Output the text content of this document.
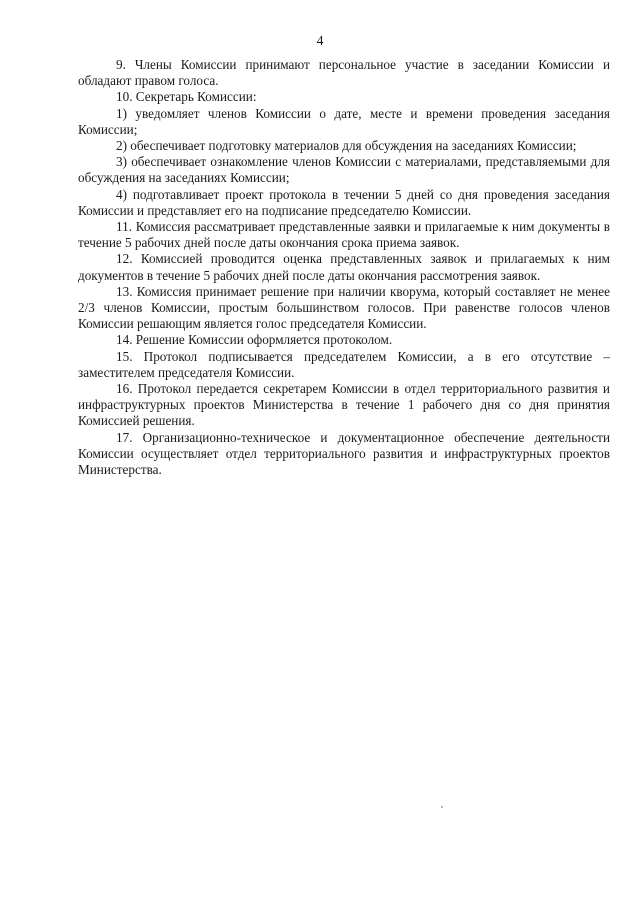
4

9. Члены Комиссии принимают персональное участие в заседании Комиссии и обладают правом голоса.

10. Секретарь Комиссии:

1) уведомляет членов Комиссии о дате, месте и времени проведения заседания Комиссии;

2) обеспечивает подготовку материалов для обсуждения на заседаниях Комиссии;

3) обеспечивает ознакомление членов Комиссии с материалами, представляемыми для обсуждения на заседаниях Комиссии;

4) подготавливает проект протокола в течении 5 дней со дня проведения заседания Комиссии и представляет его на подписание председателю Комиссии.

11. Комиссия рассматривает представленные заявки и прилагаемые к ним документы в течение 5 рабочих дней после даты окончания срока приема заявок.

12. Комиссией проводится оценка представленных заявок и прилагаемых к ним документов в течение 5 рабочих дней после даты окончания рассмотрения заявок.

13. Комиссия принимает решение при наличии кворума, который составляет не менее 2/3 членов Комиссии, простым большинством голосов. При равенстве голосов членов Комиссии решающим является голос председателя Комиссии.

14. Решение Комиссии оформляется протоколом.

15. Протокол подписывается председателем Комиссии, а в его отсутствие – заместителем председателя Комиссии.

16. Протокол передается секретарем Комиссии в отдел территориального развития и инфраструктурных проектов Министерства в течение 1 рабочего дня со дня принятия Комиссией решения.

17. Организационно-техническое и документационное обеспечение деятельности Комиссии осуществляет отдел территориального развития и инфраструктурных проектов Министерства.
